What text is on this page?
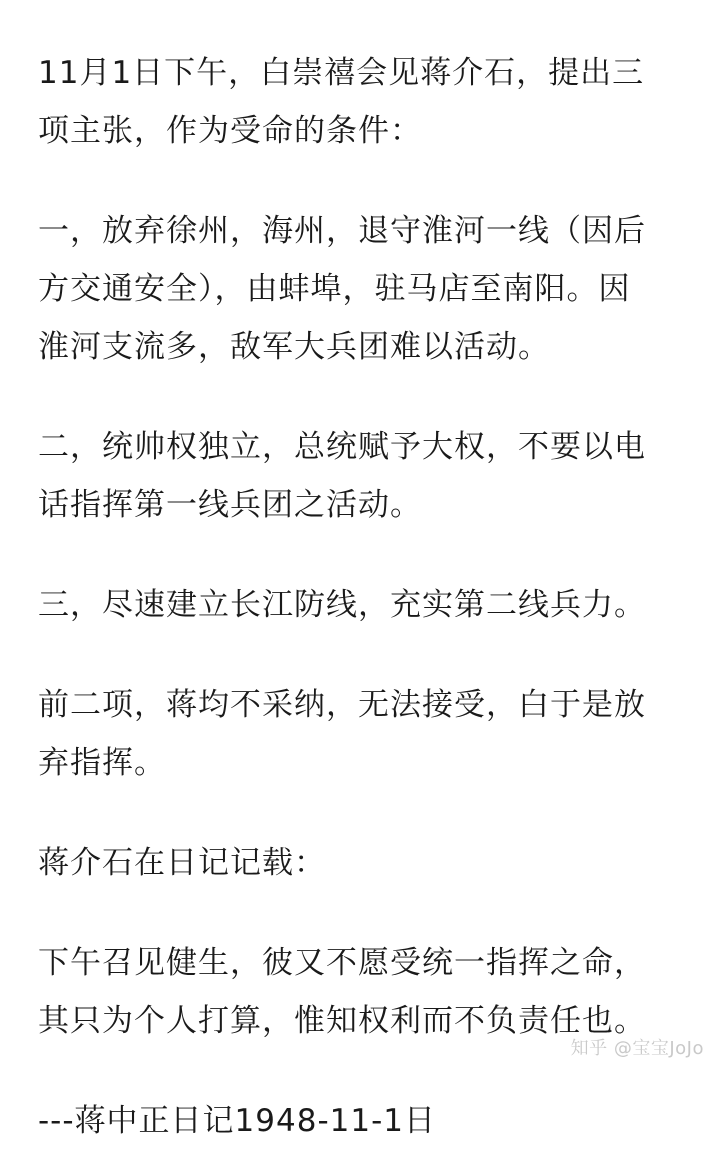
11月1日下午，白崇禧会见蒋介石，提出三
项主张，作为受命的条件：

一，放弃徐州，海州，退守淮河一线（因后
方交通安全），由蚌埠，驻马店至南阳。因
淮河支流多，敌军大兵团难以活动。

二，统帅权独立，总统赋予大权，不要以电
话指挥第一线兵团之活动。

三，尽速建立长江防线，充实第二线兵力。

前二项，蒋均不采纳，无法接受，白于是放
弃指挥。

蒋介石在日记记载：

下午召见健生，彼又不愿受统一指挥之命，
其只为个人打算，惟知权利而不负责任也。

---蒋中正日记1948-11-1日

知乎 @宝宝JoJo
